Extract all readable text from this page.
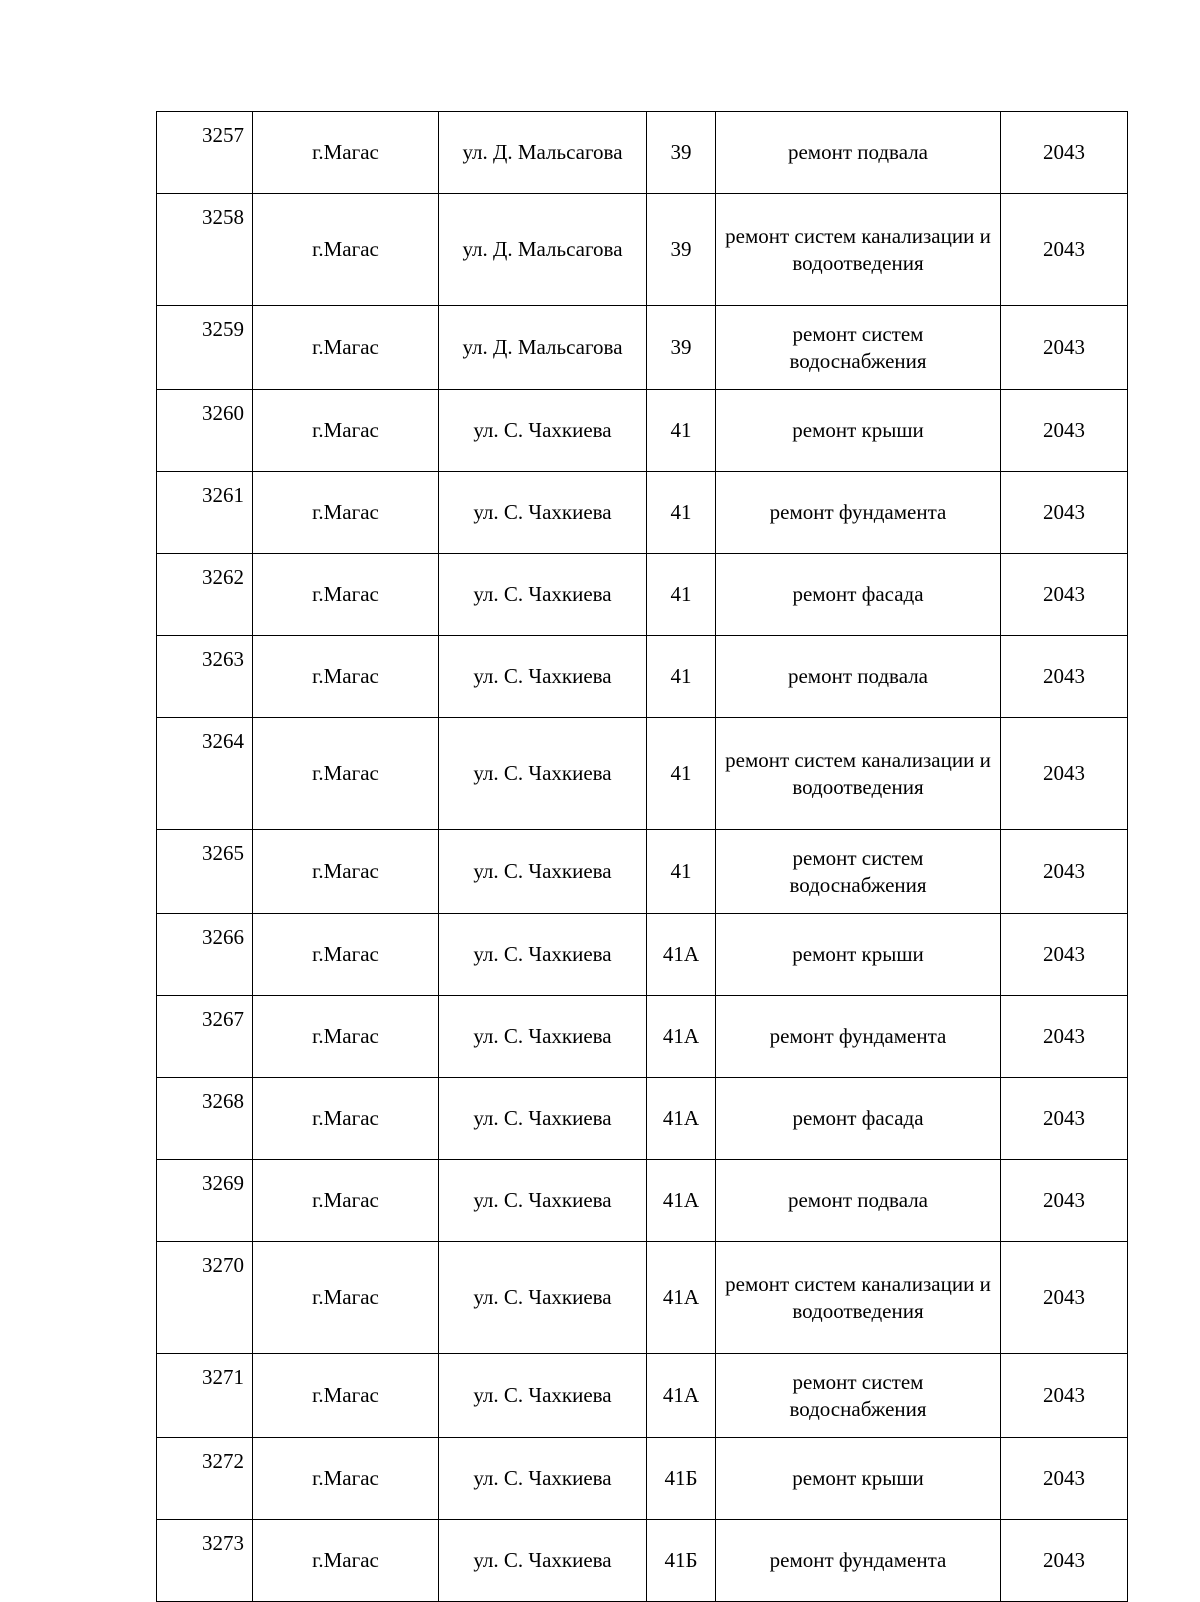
3257	г.Магас	ул. Д. Мальсагова	39	ремонт подвала	2043
3258	г.Магас	ул. Д. Мальсагова	39	ремонт систем канализации и водоотведения	2043
3259	г.Магас	ул. Д. Мальсагова	39	ремонт систем водоснабжения	2043
3260	г.Магас	ул. С. Чахкиева	41	ремонт крыши	2043
3261	г.Магас	ул. С. Чахкиева	41	ремонт фундамента	2043
3262	г.Магас	ул. С. Чахкиева	41	ремонт фасада	2043
3263	г.Магас	ул. С. Чахкиева	41	ремонт подвала	2043
3264	г.Магас	ул. С. Чахкиева	41	ремонт систем канализации и водоотведения	2043
3265	г.Магас	ул. С. Чахкиева	41	ремонт систем водоснабжения	2043
3266	г.Магас	ул. С. Чахкиева	41А	ремонт крыши	2043
3267	г.Магас	ул. С. Чахкиева	41А	ремонт фундамента	2043
3268	г.Магас	ул. С. Чахкиева	41А	ремонт фасада	2043
3269	г.Магас	ул. С. Чахкиева	41А	ремонт подвала	2043
3270	г.Магас	ул. С. Чахкиева	41А	ремонт систем канализации и водоотведения	2043
3271	г.Магас	ул. С. Чахкиева	41А	ремонт систем водоснабжения	2043
3272	г.Магас	ул. С. Чахкиева	41Б	ремонт крыши	2043
3273	г.Магас	ул. С. Чахкиева	41Б	ремонт фундамента	2043
